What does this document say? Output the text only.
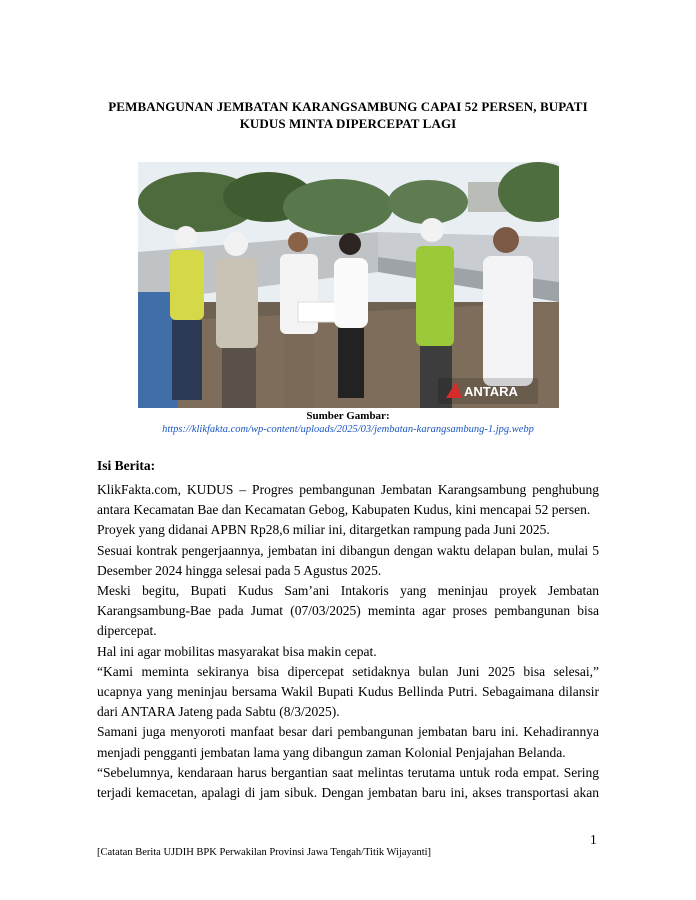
PEMBANGUNAN JEMBATAN KARANGSAMBUNG CAPAI 52 PERSEN, BUPATI
KUDUS MINTA DIPERCEPAT LAGI
ANTARA
Sumber Gambar:
https://klikfakta.com/wp-content/uploads/2025/03/jembatan-karangsambung-1.jpg.webp
Isi Berita:

KlikFakta.com, KUDUS – Progres pembangunan Jembatan Karangsambung penghubung
antara Kecamatan Bae dan Kecamatan Gebog, Kabupaten Kudus, kini mencapai 52 persen.

Proyek yang didanai APBN Rp28,6 miliar ini, ditargetkan rampung pada Juni 2025.

Sesuai kontrak pengerjaannya, jembatan ini dibangun dengan waktu delapan bulan, mulai 5
Desember 2024 hingga selesai pada 5 Agustus 2025.

Meski begitu, Bupati Kudus Sam’ani Intakoris yang meninjau proyek Jembatan
Karangsambung-Bae pada Jumat (07/03/2025) meminta agar proses pembangunan bisa
dipercepat.

Hal ini agar mobilitas masyarakat bisa makin cepat.

“Kami meminta sekiranya bisa dipercepat setidaknya bulan Juni 2025 bisa selesai,”
ucapnya yang meninjau bersama Wakil Bupati Kudus Bellinda Putri. Sebagaimana dilansir
dari ANTARA Jateng pada Sabtu (8/3/2025).

Samani juga menyoroti manfaat besar dari pembangunan jembatan baru ini. Kehadirannya
menjadi pengganti jembatan lama yang dibangun zaman Kolonial Penjajahan Belanda.

“Sebelumnya, kendaraan harus bergantian saat melintas terutama untuk roda empat. Sering
terjadi kemacetan, apalagi di jam sibuk. Dengan jembatan baru ini, akses transportasi akan

1
[Catatan Berita UJDIH BPK Perwakilan Provinsi Jawa Tengah/Titik Wijayanti]
